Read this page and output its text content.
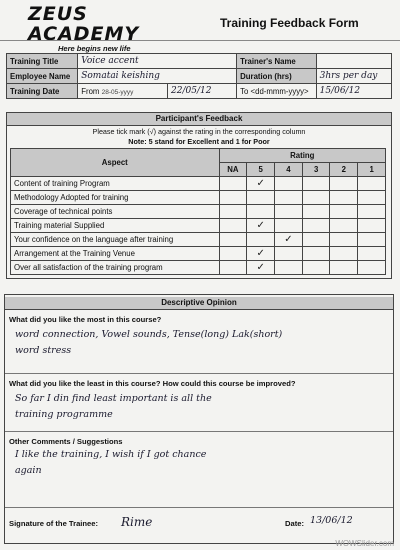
ZEUS ACADEMY
Here begins new life
Training Feedback Form
Training Title	Voice accent		Trainer's Name	
Employee Name	Somatai keishing		Duration (hrs)	3hrs per day
Training Date	From 28-05-yyyy	22/05/12	To <dd-mmm-yyyy>	15/06/12
Participant's Feedback
Please tick mark (√) against the rating in the corresponding column
Note: 5 stand for Excellent and 1 for Poor
Aspect	Rating					
	NA	5	4	3	2	1
Content of training Program		✓				
Methodology Adopted for training						
Coverage of technical points						
Training material Supplied		✓				
Your confidence on the language after training			✓			
Arrangement at the Training Venue		✓				
Over all satisfaction of the training program		✓				
Descriptive Opinion
What did you like the most in this course?
word connection, Vowel sounds, Tense(long) Lak(short)
word stress
What did you like the least in this course? How could this course be improved?
So far I din find least important is all the
training programme
Other Comments / Suggestions
I like the training, I wish if I got chance
again
Signature of the Trainee: Rime	Date: 13/06/12
WOWSlider.com
